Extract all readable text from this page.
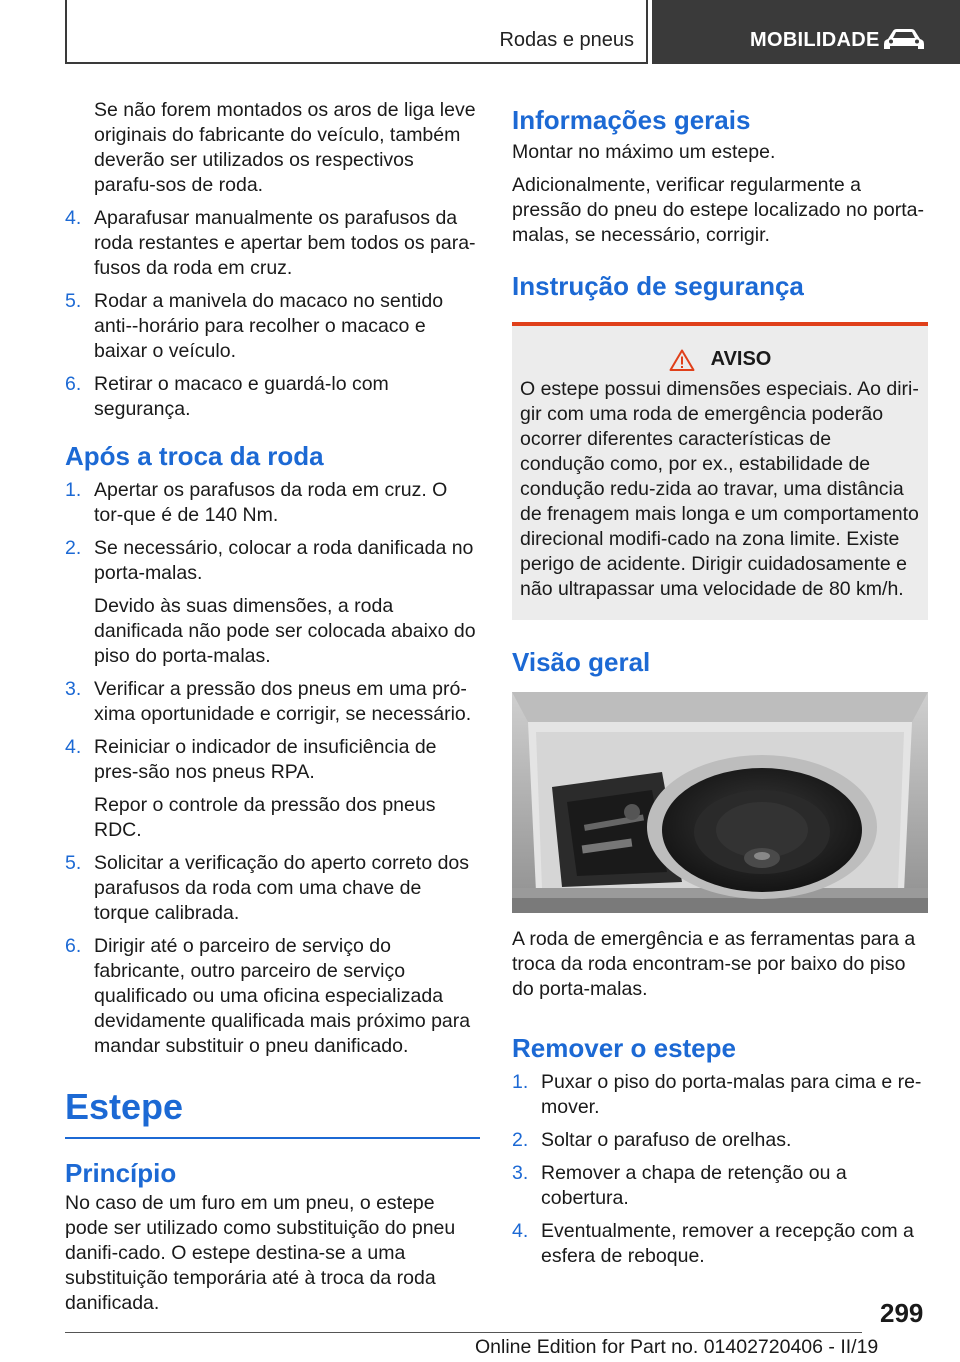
Rodas e pneus	MOBILIDADE

Se não forem montados os aros de liga leve originais do fabricante do veículo, também deverão ser utilizados os respectivos parafu-sos de roda.

4. Aparafusar manualmente os parafusos da roda restantes e apertar bem todos os para-fusos da roda em cruz.
5. Rodar a manivela do macaco no sentido anti--horário para recolher o macaco e baixar o veículo.
6. Retirar o macaco e guardá-lo com segurança.
Após a troca da roda
1. Apertar os parafusos da roda em cruz. O tor-que é de 140 Nm.
2. Se necessário, colocar a roda danificada no porta-malas.
Devido às suas dimensões, a roda danificada não pode ser colocada abaixo do piso do porta-malas.
3. Verificar a pressão dos pneus em uma pró-xima oportunidade e corrigir, se necessário.
4. Reiniciar o indicador de insuficiência de pres-são nos pneus RPA.
Repor o controle da pressão dos pneus RDC.
5. Solicitar a verificação do aperto correto dos parafusos da roda com uma chave de torque calibrada.
6. Dirigir até o parceiro de serviço do fabricante, outro parceiro de serviço qualificado ou uma oficina especializada devidamente qualificada mais próximo para mandar substituir o pneu danificado.
Estepe
Princípio

No caso de um furo em um pneu, o estepe pode ser utilizado como substituição do pneu danifi-cado. O estepe destina-se a uma substituição temporária até à troca da roda danificada.

Informações gerais

Montar no máximo um estepe.

Adicionalmente, verificar regularmente a pressão do pneu do estepe localizado no porta-malas, se necessário, corrigir.

Instrução de segurança
AVISO

O estepe possui dimensões especiais. Ao diri-gir com uma roda de emergência poderão ocorrer diferentes características de condução como, por ex., estabilidade de condução redu-zida ao travar, uma distância de frenagem mais longa e um comportamento direcional modifi-cado na zona limite. Existe perigo de acidente. Dirigir cuidadosamente e não ultrapassar uma velocidade de 80 km/h.

Visão geral

A roda de emergência e as ferramentas para a troca da roda encontram-se por baixo do piso do porta-malas.

Remover o estepe
1. Puxar o piso do porta-malas para cima e re-mover.
2. Soltar o parafuso de orelhas.
3. Remover a chapa de retenção ou a cobertura.
4. Eventualmente, remover a recepção com a esfera de reboque.
299
Online Edition for Part no. 01402720406 - II/19
